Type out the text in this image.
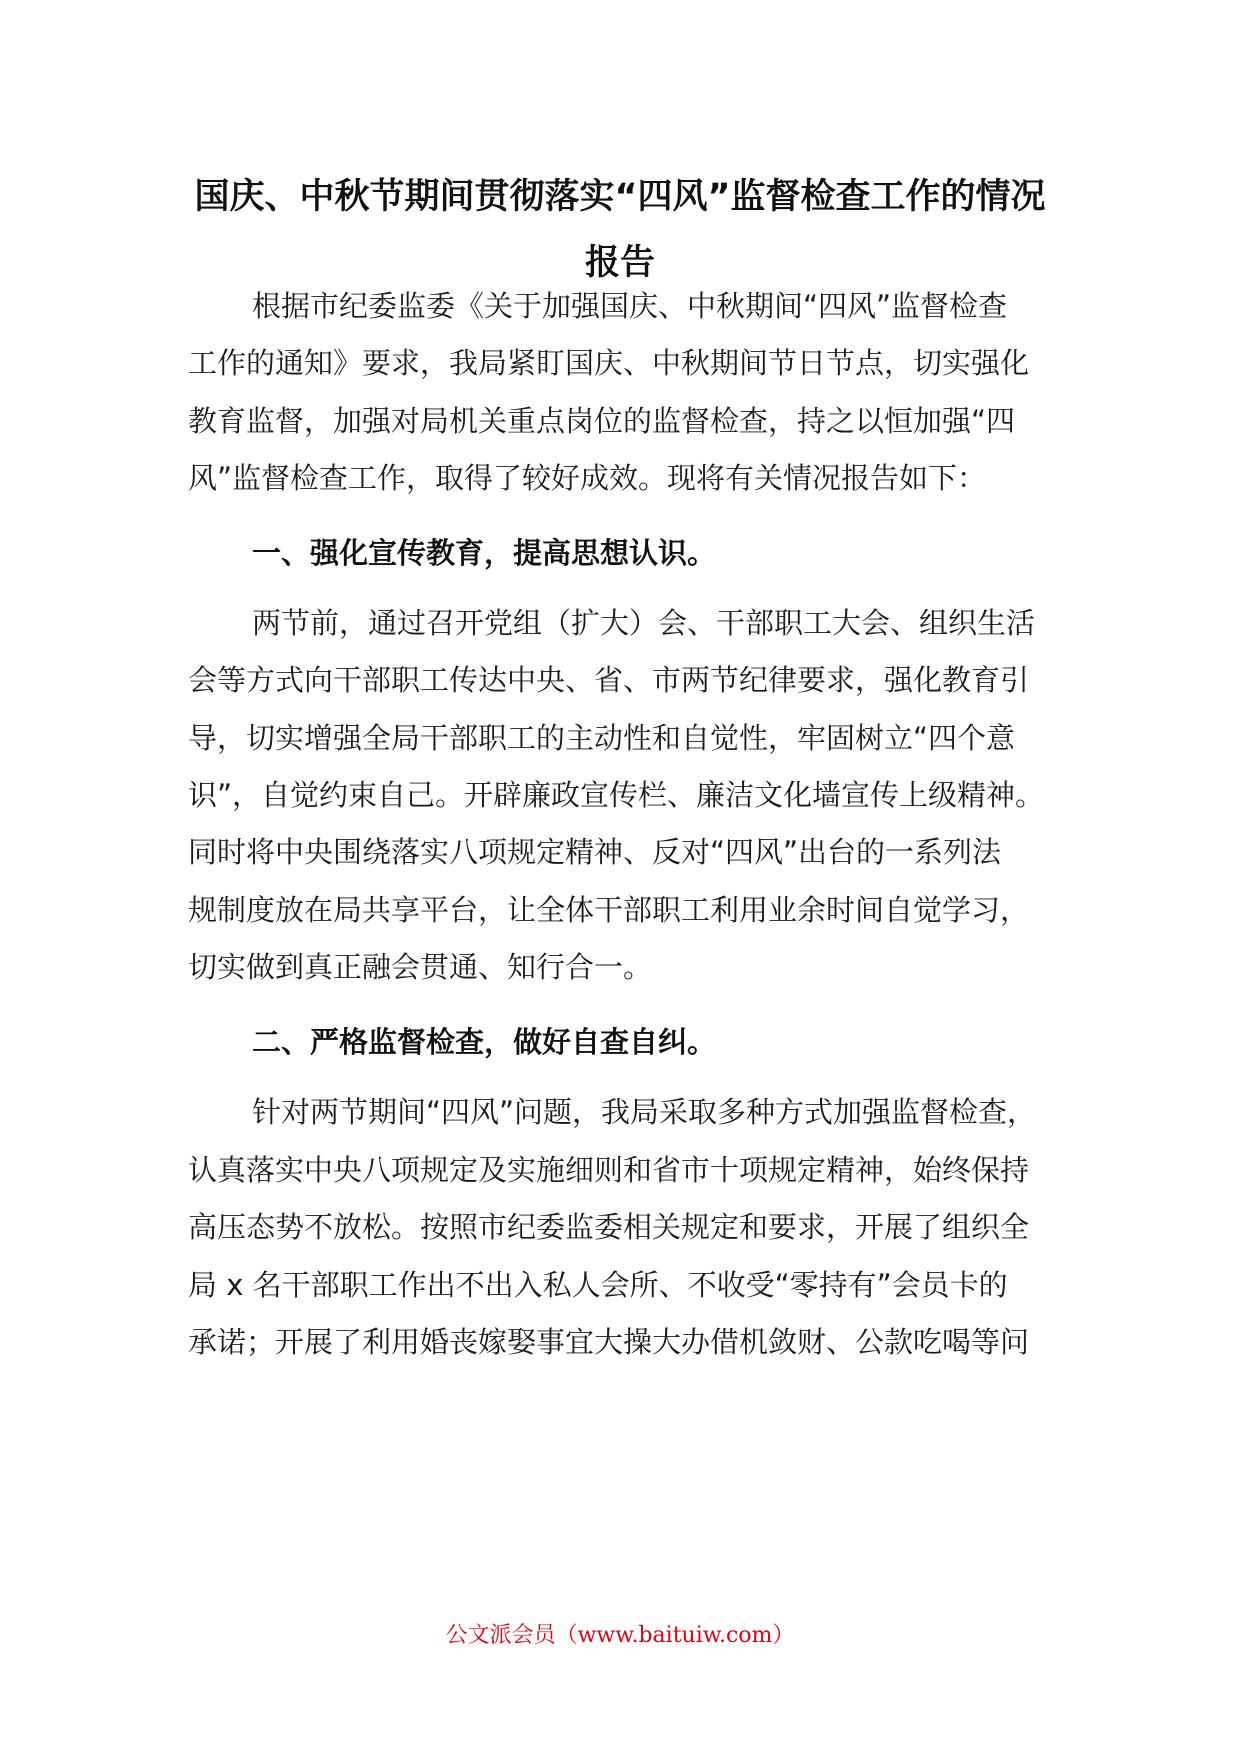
国庆、中秋节期间贯彻落实“四风”监督检查工作的情况
报告

根据市纪委监委《关于加强国庆、中秋期间“四风”监督检查

工作的通知》要求，我局紧盯国庆、中秋期间节日节点，切实强化

教育监督，加强对局机关重点岗位的监督检查，持之以恒加强“四

风”监督检查工作，取得了较好成效。现将有关情况报告如下：

一、强化宣传教育，提高思想认识。

两节前，通过召开党组（扩大）会、干部职工大会、组织生活

会等方式向干部职工传达中央、省、市两节纪律要求，强化教育引

导，切实增强全局干部职工的主动性和自觉性，牢固树立“四个意

识”，自觉约束自己。开辟廉政宣传栏、廉洁文化墙宣传上级精神。

同时将中央围绕落实八项规定精神、反对“四风”出台的一系列法

规制度放在局共享平台，让全体干部职工利用业余时间自觉学习，

切实做到真正融会贯通、知行合一。

二、严格监督检查，做好自查自纠。

针对两节期间“四风”问题，我局采取多种方式加强监督检查，

认真落实中央八项规定及实施细则和省市十项规定精神，始终保持

高压态势不放松。按照市纪委监委相关规定和要求，开展了组织全

局 x 名干部职工作出不出入私人会所、不收受“零持有”会员卡的

承诺；开展了利用婚丧嫁娶事宜大操大办借机敛财、公款吃喝等问

公文派会员（www.baituiw.com）
